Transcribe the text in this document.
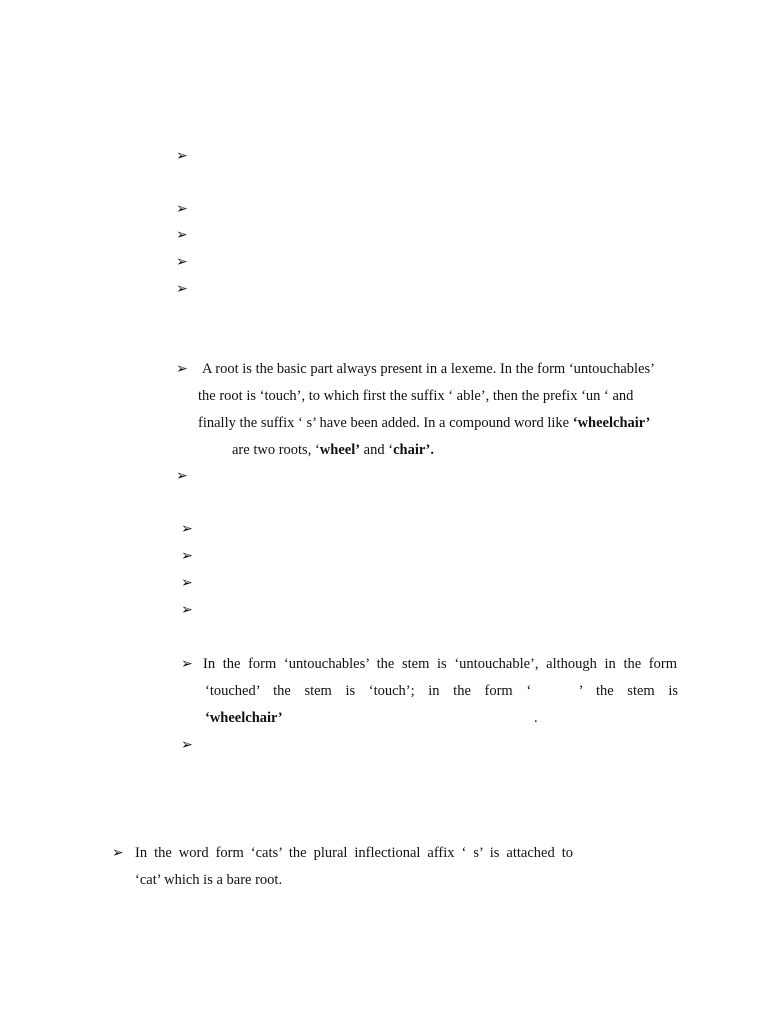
➢
➢
➢
➢
➢
➢ A root is the basic part always present in a lexeme. In the form ‘untouchables’
the root is ‘touch’, to which first the suffix ‘ able’, then the prefix ‘un ‘ and
finally the suffix ‘ s’ have been added. In a compound word like ‘wheelchair’
are two roots, ‘wheel’ and ‘chair’.
➢
➢
➢
➢
➢
➢ In the form ‘untouchables’ the stem is ‘untouchable’, although in the form
‘touched’ the stem is ‘touch’; in the form ‘	’ the stem is
‘wheelchair’	.
➢
➢ In the word form ‘cats’ the plural inflectional affix ‘ s’ is attached to
‘cat’ which is a bare root.
